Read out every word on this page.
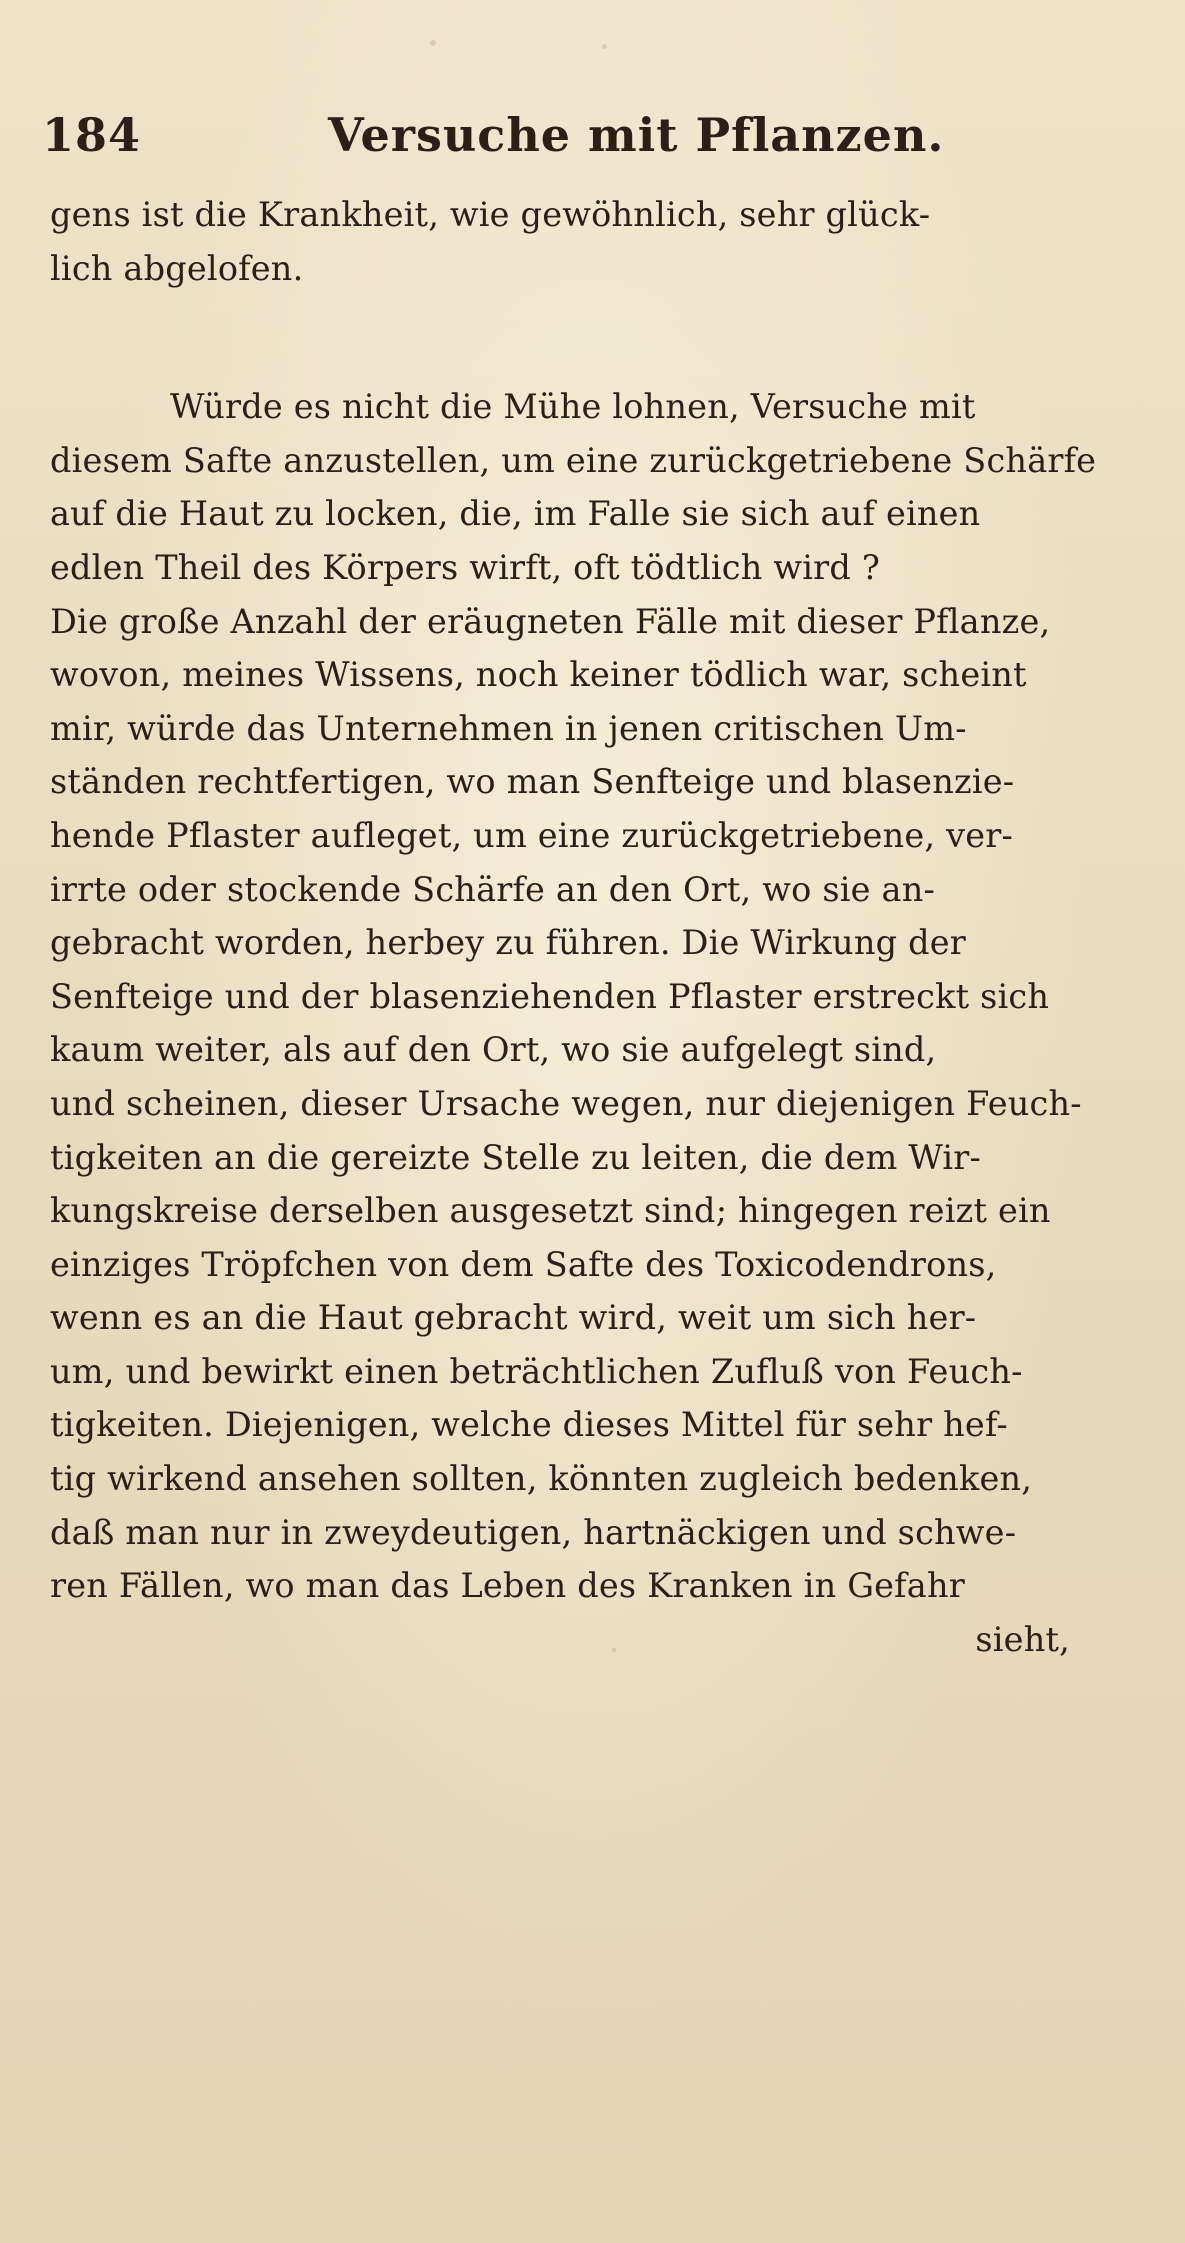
184	Versuche mit Pflanzen.
gens ist die Krankheit, wie gewöhnlich, sehr glück-
lich abgelofen.
Würde es nicht die Mühe lohnen, Versuche mit
diesem Safte anzustellen, um eine zurückgetriebene Schärfe
auf die Haut zu locken, die, im Falle sie sich auf einen
edlen Theil des Körpers wirft, oft tödtlich wird ?
Die große Anzahl der eräugneten Fälle mit dieser Pflanze,
wovon, meines Wissens, noch keiner tödlich war, scheint
mir, würde das Unternehmen in jenen critischen Um-
ständen rechtfertigen, wo man Senfteige und blasenzie-
hende Pflaster aufleget, um eine zurückgetriebene, ver-
irrte oder stockende Schärfe an den Ort, wo sie an-
gebracht worden, herbey zu führen. Die Wirkung der
Senfteige und der blasenziehenden Pflaster erstreckt sich
kaum weiter, als auf den Ort, wo sie aufgelegt sind,
und scheinen, dieser Ursache wegen, nur diejenigen Feuch-
tigkeiten an die gereizte Stelle zu leiten, die dem Wir-
kungskreise derselben ausgesetzt sind; hingegen reizt ein
einziges Tröpfchen von dem Safte des Toxicodendrons,
wenn es an die Haut gebracht wird, weit um sich her-
um, und bewirkt einen beträchtlichen Zufluß von Feuch-
tigkeiten. Diejenigen, welche dieses Mittel für sehr hef-
tig wirkend ansehen sollten, könnten zugleich bedenken,
daß man nur in zweydeutigen, hartnäckigen und schwe-
ren Fällen, wo man das Leben des Kranken in Gefahr
sieht,
